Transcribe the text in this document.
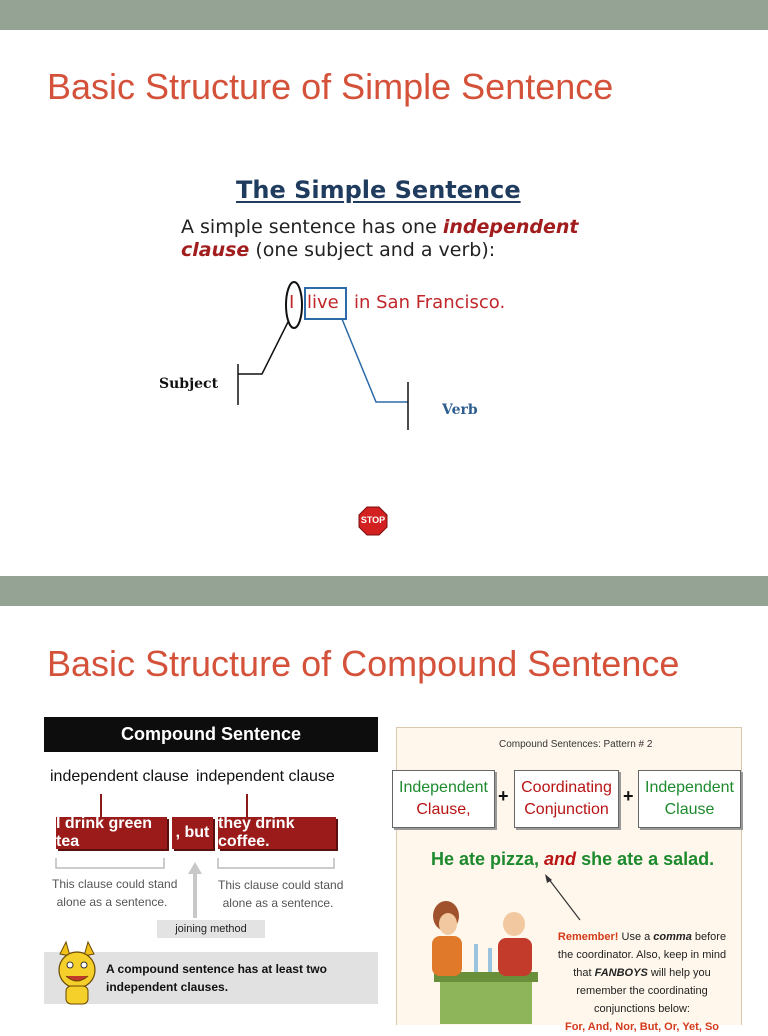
Basic Structure of Simple Sentence
The Simple Sentence
A simple sentence has one independent
clause (one subject and a verb):
I live in San Francisco.
STOP
Subject
Verb
Basic Structure of Compound Sentence
Compound Sentence
independent clause independent clause
I drink green tea
, but
they drink coffee.
This clause could stand
alone as a sentence.
This clause could stand
alone as a sentence.
joining method
A compound sentence has at least two independent clauses.
Compound Sentences: Pattern # 2
Independent
Clause,
+ Coordinating
Conjunction
+ Independent
Clause
He ate pizza, and she ate a salad.
Remember! Use a comma before the coordinator. Also, keep in mind that FANBOYS will help you remember the coordinating conjunctions below:
For, And, Nor, But, Or, Yet, So
